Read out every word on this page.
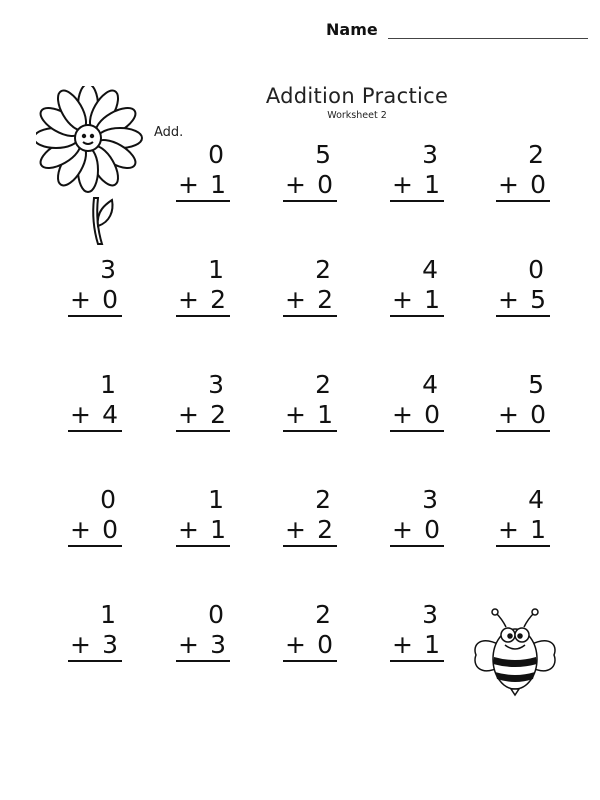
Name
Addition Practice
Worksheet 2
Add.
0
+ 1
5
+ 0
3
+ 1
2
+ 0
3
+ 0
1
+ 2
2
+ 2
4
+ 1
0
+ 5
1
+ 4
3
+ 2
2
+ 1
4
+ 0
5
+ 0
0
+ 0
1
+ 1
2
+ 2
3
+ 0
4
+ 1
1
+ 3
0
+ 3
2
+ 0
3
+ 1
